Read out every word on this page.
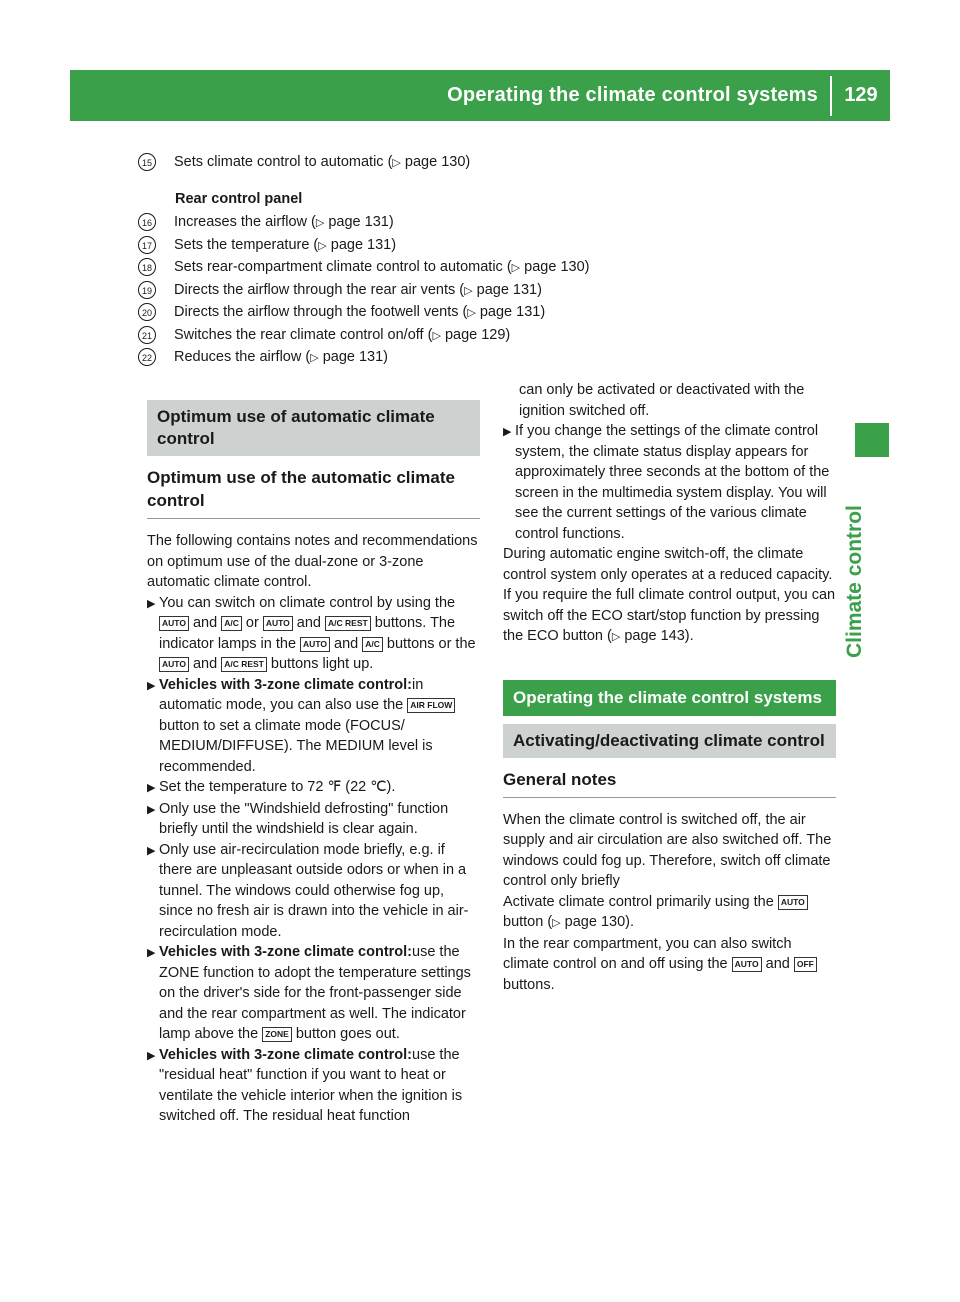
Operating the climate control systems	129
Climate control
15 Sets climate control to automatic (▷ page 130)
Rear control panel
16 Increases the airflow (▷ page 131)
17 Sets the temperature (▷ page 131)
18 Sets rear-compartment climate control to automatic (▷ page 130)
19 Directs the airflow through the rear air vents (▷ page 131)
20 Directs the airflow through the footwell vents (▷ page 131)
21 Switches the rear climate control on/off (▷ page 129)
22 Reduces the airflow (▷ page 131)
Optimum use of automatic climate control
Optimum use of the automatic climate control

The following contains notes and recommendations on optimum use of the dual-zone or 3-zone automatic climate control.

▶ You can switch on climate control by using the AUTO and A/C or AUTO and A/C REST buttons. The indicator lamps in the AUTO and A/C buttons or the AUTO and A/C REST buttons light up.
▶ Vehicles with 3-zone climate control:in automatic mode, you can also use the AIR FLOW button to set a climate mode (FOCUS/ MEDIUM/DIFFUSE). The MEDIUM level is recommended.
▶ Set the temperature to 72 ℉ (22 ℃).
▶ Only use the "Windshield defrosting" function briefly until the windshield is clear again.
▶ Only use air-recirculation mode briefly, e.g. if there are unpleasant outside odors or when in a tunnel. The windows could otherwise fog up, since no fresh air is drawn into the vehicle in air-recirculation mode.
▶ Vehicles with 3-zone climate control:use the ZONE function to adopt the temperature settings on the driver's side for the front-passenger side and the rear compartment as well. The indicator lamp above the ZONE button goes out.
▶ Vehicles with 3-zone climate control:use the "residual heat" function if you want to heat or ventilate the vehicle interior when the ignition is switched off. The residual heat function

can only be activated or deactivated with the ignition switched off.

▶ If you change the settings of the climate control system, the climate status display appears for approximately three seconds at the bottom of the screen in the multimedia system display. You will see the current settings of the various climate control functions.

During automatic engine switch-off, the climate control system only operates at a reduced capacity. If you require the full climate control output, you can switch off the ECO start/stop function by pressing the ECO button (▷ page 143).

Operating the climate control systems
Activating/deactivating climate control
General notes

When the climate control is switched off, the air supply and air circulation are also switched off. The windows could fog up. Therefore, switch off climate control only briefly

Activate climate control primarily using the AUTO button (▷ page 130).

In the rear compartment, you can also switch climate control on and off using the AUTO and OFF buttons.
